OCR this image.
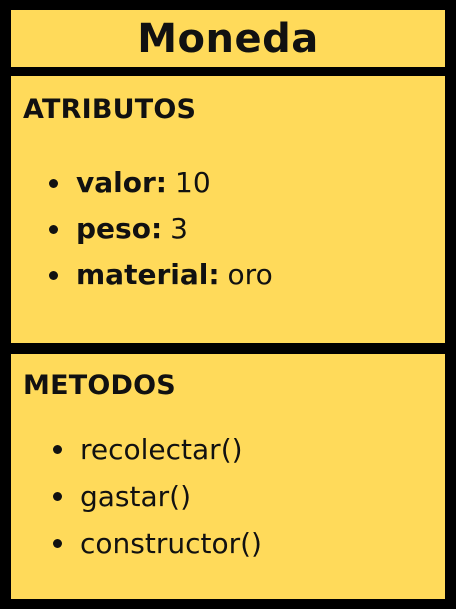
Moneda
ATRIBUTOS
valor : 10
peso : 3
material : oro
METODOS
recolectar()
gastar()
constructor()
